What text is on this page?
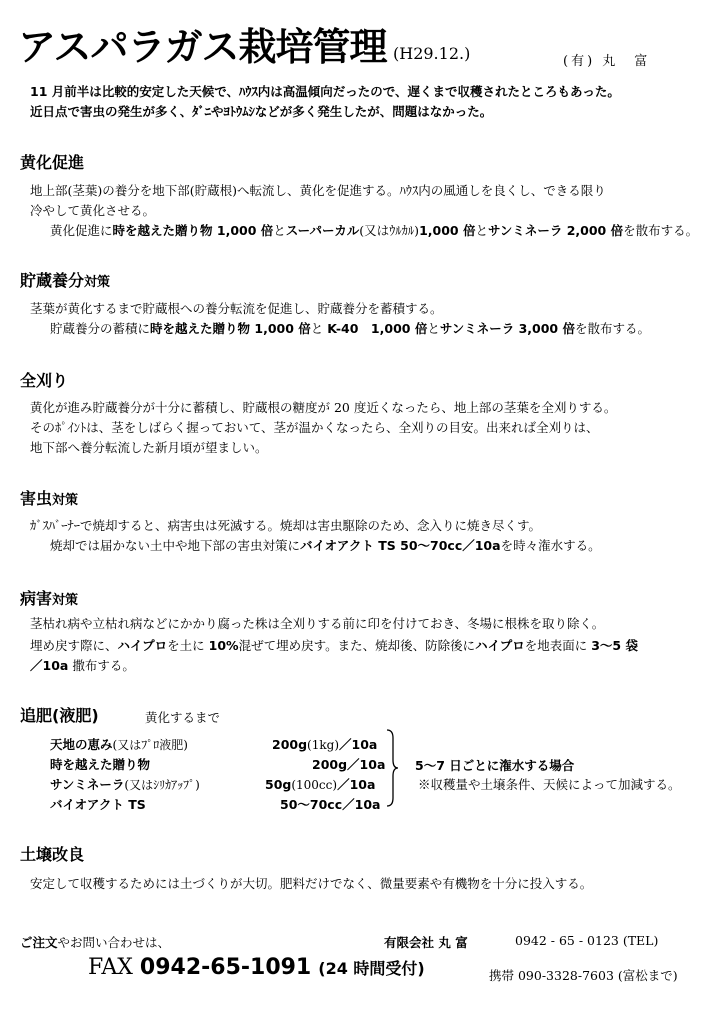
アスパラガス栽培管理 (H29.12.)	(有) 丸　富
11 月前半は比較的安定した天候で、ﾊｳｽ内は高温傾向だったので、遅くまで収穫されたところもあった。
近日点で害虫の発生が多く、ﾀﾞﾆやﾖﾄｳﾑｼなどが多く発生したが、問題はなかった。
黄化促進
地上部(茎葉)の養分を地下部(貯蔵根)へ転流し、黄化を促進する。ﾊｳｽ内の風通しを良くし、できる限り
冷やして黄化させる。
黄化促進に時を越えた贈り物 1,000 倍とスーパーカル(又はｳﾙｶﾙ)1,000 倍とサンミネーラ 2,000 倍を散布する。
貯蔵養分対策
茎葉が黄化するまで貯蔵根への養分転流を促進し、貯蔵養分を蓄積する。
貯蔵養分の蓄積に時を越えた贈り物 1,000 倍と K-40　1,000 倍とサンミネーラ 3,000 倍を散布する。
全刈り
黄化が進み貯蔵養分が十分に蓄積し、貯蔵根の糖度が 20 度近くなったら、地上部の茎葉を全刈りする。
そのﾎﾟｲﾝﾄは、茎をしばらく握っておいて、茎が温かくなったら、全刈りの目安。出来れば全刈りは、
地下部へ養分転流した新月頃が望ましい。
害虫対策
ｶﾞｽﾊﾞｰﾅｰで焼却すると、病害虫は死滅する。焼却は害虫駆除のため、念入りに焼き尽くす。
焼却では届かない土中や地下部の害虫対策にバイオアクト TS 50～70cc／10aを時々潅水する。
病害対策
茎枯れ病や立枯れ病などにかかり腐った株は全刈りする前に印を付けておき、冬場に根株を取り除く。
埋め戻す際に、ハイプロを土に 10%混ぜて埋め戻す。また、焼却後、防除後にハイプロを地表面に 3～5 袋
／10a 撒布する。
追肥(液肥)	黄化するまで
天地の恵み(又はﾌﾟﾛ液肥)	200g(1kg)／10a
時を越えた贈り物	200g／10a
サンミネーラ(又はｼﾘｶｱｯﾌﾟ)	50g(100cc)／10a
バイオアクト TS	50～70cc／10a
5～7 日ごとに潅水する場合
※収穫量や土壌条件、天候によって加減する。
土壌改良
安定して収穫するためには土づくりが大切。肥料だけでなく、微量要素や有機物を十分に投入する。
ご注文やお問い合わせは、	有限会社 丸 富	0942 - 65 - 0123 (TEL)
FAX 0942-65-1091 (24 時間受付)	携帯 090-3328-7603 (富松まで)
